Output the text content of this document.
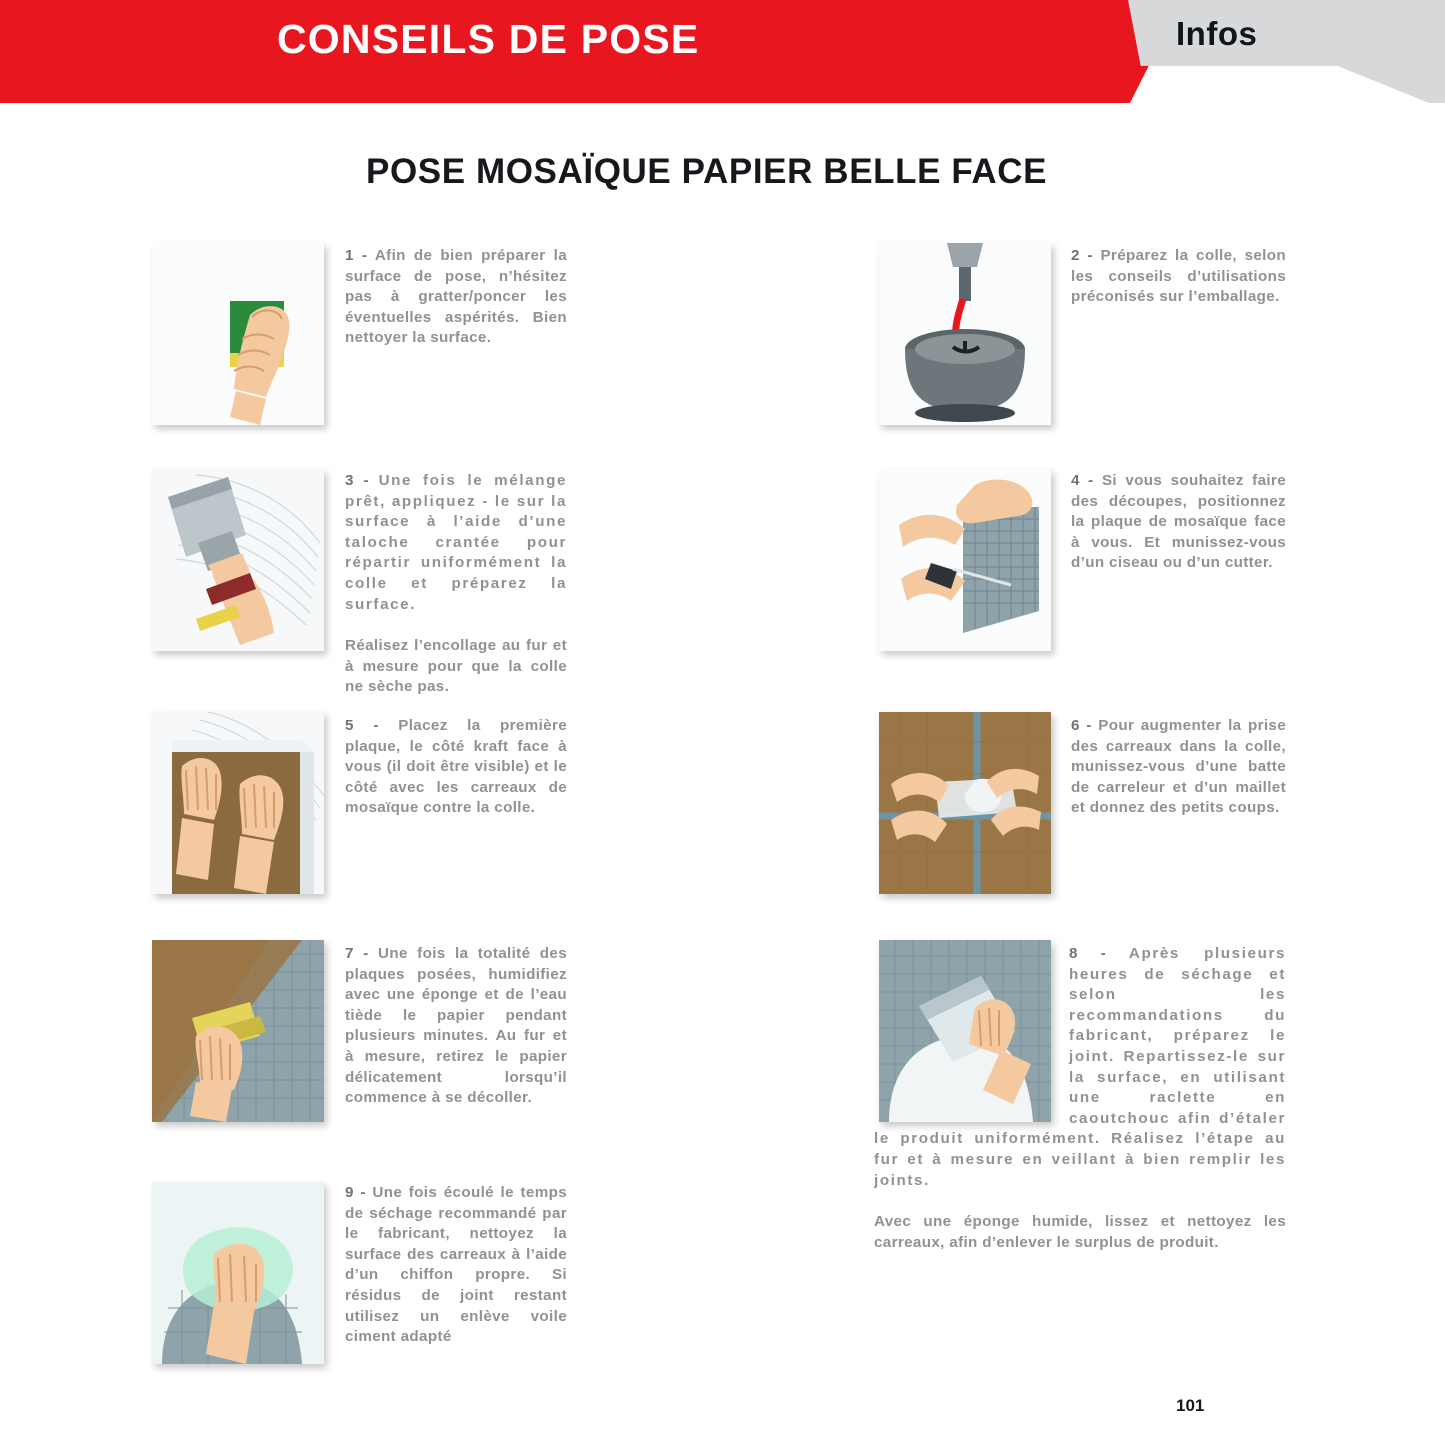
CONSEILS DE POSE	Infos
POSE MOSAÏQUE PAPIER BELLE FACE

1 - Afin de bien préparer la surface de pose, n’hésitez pas à gratter/poncer les éventuelles aspérités. Bien nettoyer la surface.

2 - Préparez la colle, selon les conseils d’utilisations préconisés sur l’emballage.

3 - Une fois le mélange prêt, appliquez - le sur la surface à l’aide d’une taloche crantée pour répartir uniformément la colle et préparez la surface.

Réalisez l’encollage au fur et à mesure pour que la colle ne sèche pas.

4 - Si vous souhaitez faire des découpes, positionnez la plaque de mosaïque face à vous. Et munissez-vous d’un ciseau ou d’un cutter.

5 - Placez la première plaque, le côté kraft face à vous (il doit être visible) et le côté avec les carreaux de mosaïque contre la colle.

6 - Pour augmenter la prise des carreaux dans la colle, munissez-vous d’une batte de carreleur et d’un maillet et donnez des petits coups.

7 - Une fois la totalité des plaques posées, humidifiez avec une éponge et de l’eau tiède le papier pendant plusieurs minutes. Au fur et à mesure, retirez le papier délicatement lorsqu’il commence à se décoller.

8 - Après plusieurs heures de séchage et selon les recommandations du fabricant, préparez le joint. Repartissez-le sur la surface, en utilisant une raclette en caoutchouc afin d’étaler le produit uniformément. Réalisez l’étape au fur et à mesure en veillant à bien remplir les joints.

Avec une éponge humide, lissez et nettoyez les carreaux, afin d’enlever le surplus de produit.

9 - Une fois écoulé le temps de séchage recommandé par le fabricant, nettoyez la surface des carreaux à l’aide d’un chiffon propre. Si résidus de joint restant utilisez un enlève voile ciment adapté

101
